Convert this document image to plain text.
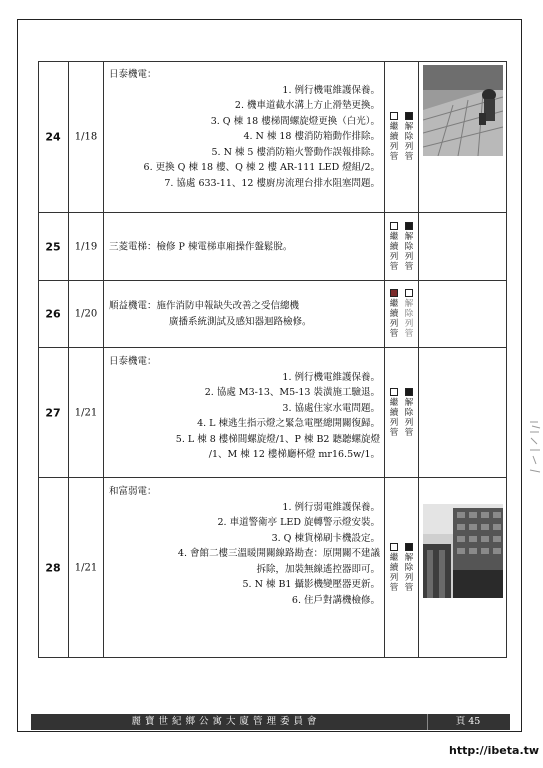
24	1/18
日泰機電：
1. 例行機電維護保養。
2. 機車道截水溝上方止滑墊更換。
3. Q 棟 18 樓梯間螺旋燈更換（白光）。
4. N 棟 18 樓消防箱動作排除。
5. N 棟 5 樓消防箱火警動作誤報排除。
6. 更換 Q 棟 18 樓、Q 棟 2 樓 AR-111 LED 燈組/2。
7. 協處 633-11、12 樓廚房流理台排水阻塞問題。
繼續列管
解除列管
25	1/19	三菱電梯：檢修 P 棟電梯車廂操作盤鬆脫。
繼續列管
解除列管
26	1/20
順益機電：施作消防申報缺失改善之受信總機
廣播系統測試及感知器迴路檢修。
繼續列管
解除列管
27	1/21
日泰機電：
1. 例行機電維護保養。
2. 協處 M3-13、M5-13 裝潢施工驗退。
3. 協處住家水電問題。
4. L 棟逃生指示燈之緊急電壓總開關復歸。
5. L 棟 8 樓梯間螺旋燈/1、P 棟 B2 聽聽螺旋燈
/1、M 棟 12 樓梯廳杯燈 mr16.5w/1。
繼續列管
解除列管
28	1/21
和富弱電：
1. 例行弱電維護保養。
2. 車道警衛亭 LED 旋轉警示燈安裝。
3. Q 棟貨梯刷卡機設定。
4. 會館二樓三溫暖開關線路勘查：原開關不建議
拆除，加裝無線遙控器即可。
5. N 棟 B1 攝影機變壓器更新。
6. 住戶對講機檢修。
繼續列管
解除列管
麗寶世紀鄉公寓大廈管理委員會	頁 45
http://ibeta.tw
